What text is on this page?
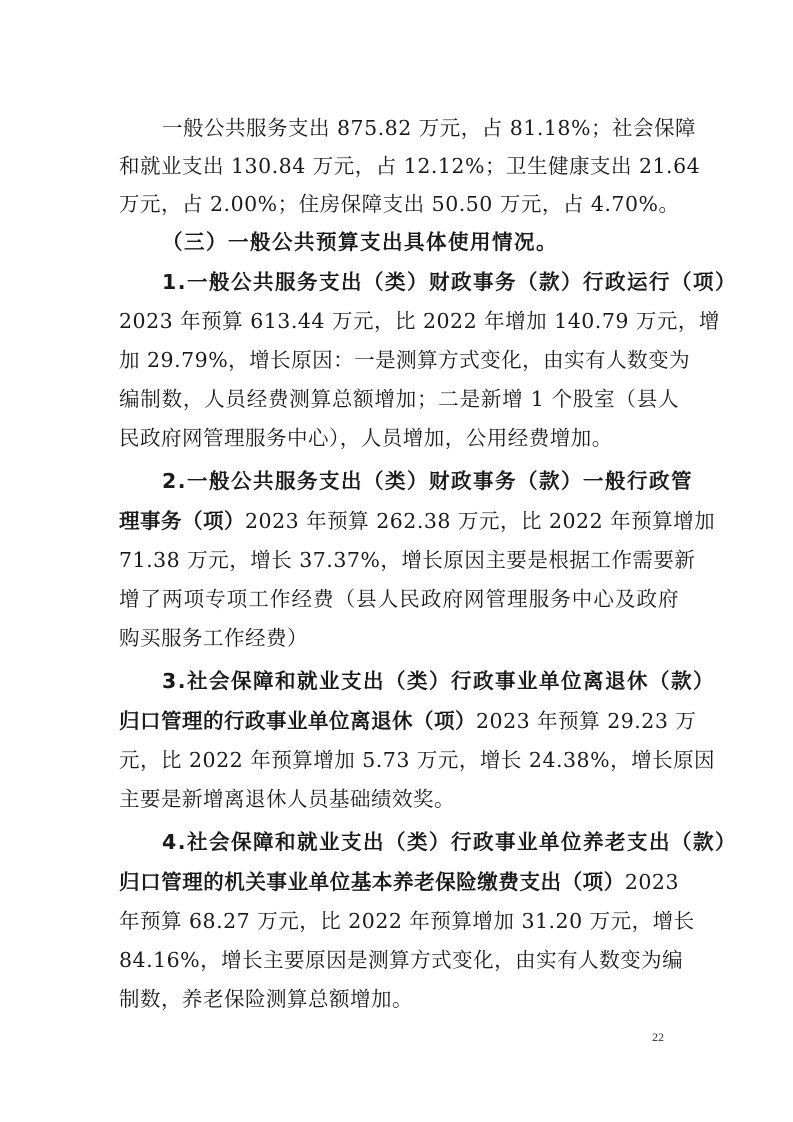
一般公共服务支出 875.82 万元，占 81.18%；社会保障
和就业支出 130.84 万元，占 12.12%；卫生健康支出 21.64
万元，占 2.00%；住房保障支出 50.50 万元，占 4.70%。
（三）一般公共预算支出具体使用情况。
1.一般公共服务支出（类）财政事务（款）行政运行（项）
2023 年预算 613.44 万元，比 2022 年增加 140.79 万元，增
加 29.79%，增长原因：一是测算方式变化，由实有人数变为
编制数，人员经费测算总额增加；二是新增 1 个股室（县人
民政府网管理服务中心），人员增加，公用经费增加。
2.一般公共服务支出（类）财政事务（款）一般行政管
理事务（项）2023 年预算 262.38 万元，比 2022 年预算增加
71.38 万元，增长 37.37%，增长原因主要是根据工作需要新
增了两项专项工作经费（县人民政府网管理服务中心及政府
购买服务工作经费）
3.社会保障和就业支出（类）行政事业单位离退休（款）
归口管理的行政事业单位离退休（项）2023 年预算 29.23 万
元，比 2022 年预算增加 5.73 万元，增长 24.38%，增长原因
主要是新增离退休人员基础绩效奖。
4.社会保障和就业支出（类）行政事业单位养老支出（款）
归口管理的机关事业单位基本养老保险缴费支出（项）2023
年预算 68.27 万元，比 2022 年预算增加 31.20 万元，增长
84.16%，增长主要原因是测算方式变化，由实有人数变为编
制数，养老保险测算总额增加。
22
